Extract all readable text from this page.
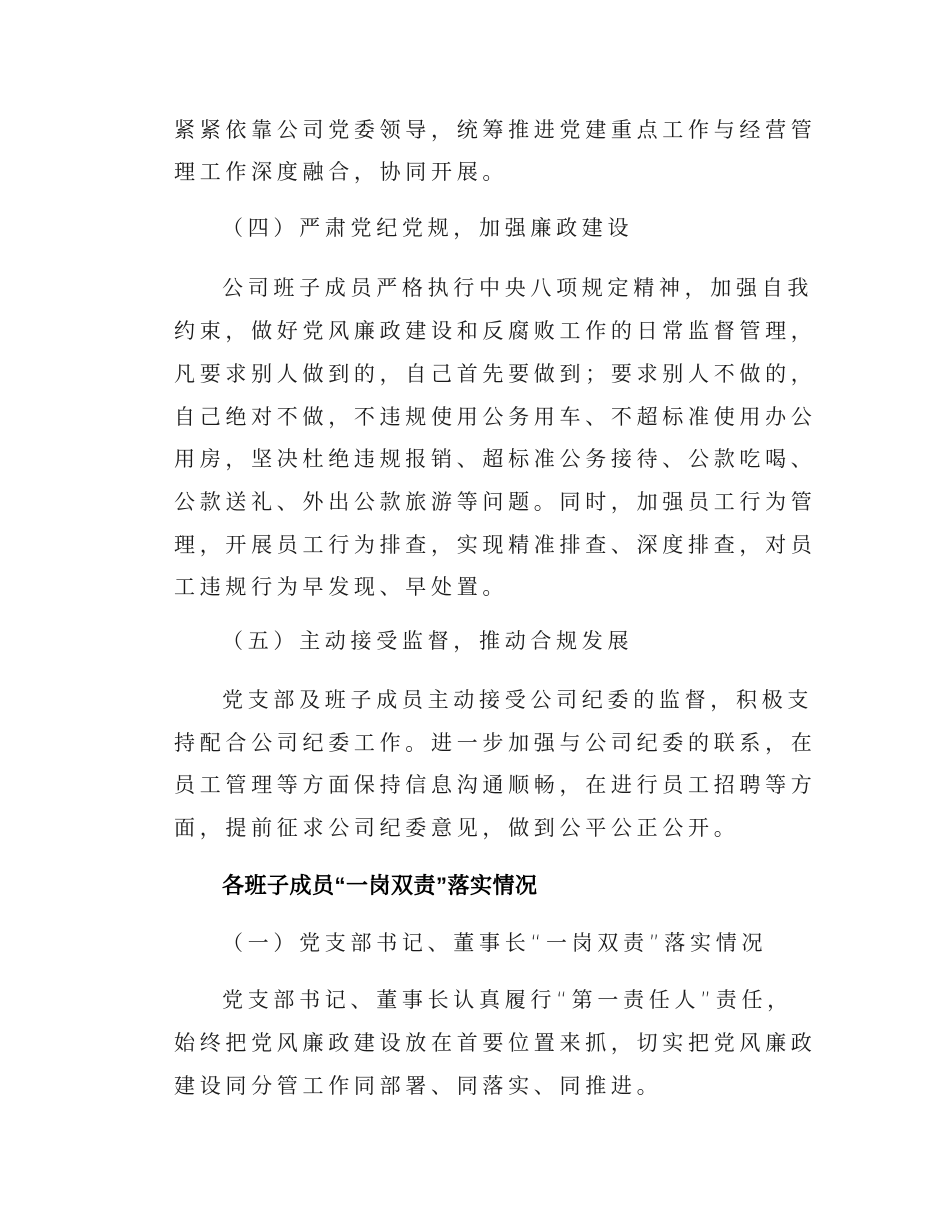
紧紧依靠公司党委领导，统筹推进党建重点工作与经营管
理工作深度融合，协同开展。
（四）严肃党纪党规，加强廉政建设
公司班子成员严格执行中央八项规定精神，加强自我
约束，做好党风廉政建设和反腐败工作的日常监督管理，
凡要求别人做到的，自己首先要做到；要求别人不做的，
自己绝对不做，不违规使用公务用车、不超标准使用办公
用房，坚决杜绝违规报销、超标准公务接待、公款吃喝、
公款送礼、外出公款旅游等问题。同时，加强员工行为管
理，开展员工行为排查，实现精准排查、深度排查，对员
工违规行为早发现、早处置。
（五）主动接受监督，推动合规发展
党支部及班子成员主动接受公司纪委的监督，积极支
持配合公司纪委工作。进一步加强与公司纪委的联系，在
员工管理等方面保持信息沟通顺畅，在进行员工招聘等方
面，提前征求公司纪委意见，做到公平公正公开。
各班子成员“一岗双责”落实情况
（一）党支部书记、董事长“一岗双责”落实情况
党支部书记、董事长认真履行“第一责任人”责任，
始终把党风廉政建设放在首要位置来抓，切实把党风廉政
建设同分管工作同部署、同落实、同推进。
